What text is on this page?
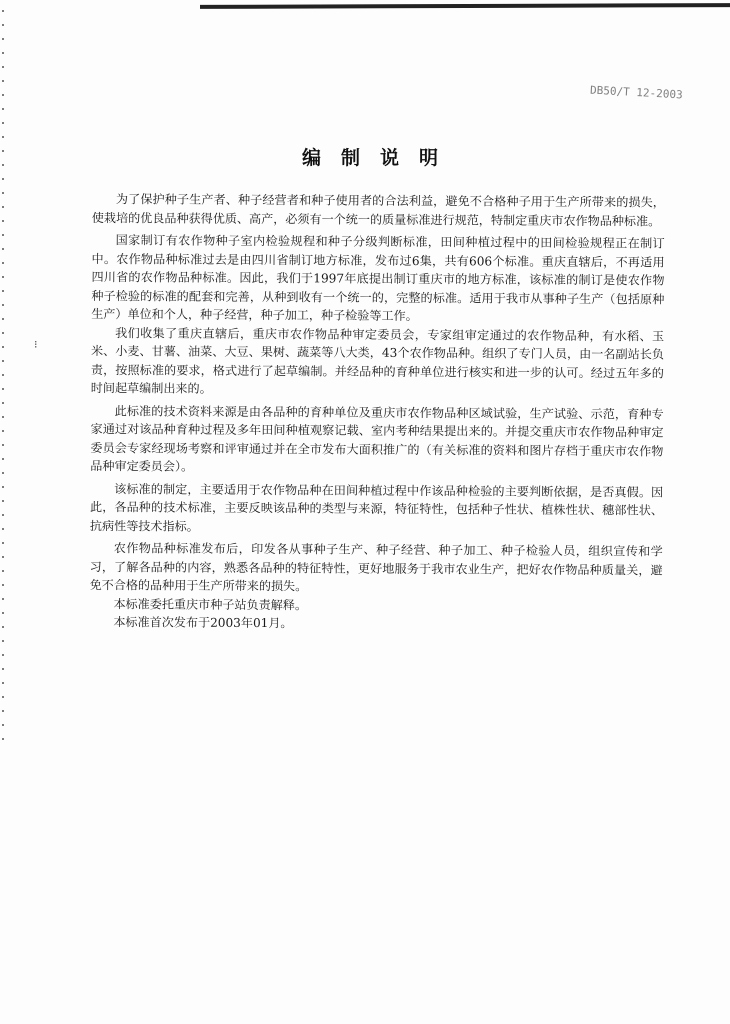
⁝
DB50/T 12-2003
编制说明

为了保护种子生产者、种子经营者和种子使用者的合法利益，避免不合格种子用于生产所带来的损失，使栽培的优良品种获得优质、高产，必须有一个统一的质量标准进行规范，特制定重庆市农作物品种标准。

国家制订有农作物种子室内检验规程和种子分级判断标准，田间种植过程中的田间检验规程正在制订中。农作物品种标准过去是由四川省制订地方标准，发布过6集，共有606个标准。重庆直辖后，不再适用四川省的农作物品种标准。因此，我们于1997年底提出制订重庆市的地方标准，该标准的制订是使农作物种子检验的标准的配套和完善，从种到收有一个统一的，完整的标准。适用于我市从事种子生产（包括原种生产）单位和个人，种子经营，种子加工，种子检验等工作。

我们收集了重庆直辖后，重庆市农作物品种审定委员会，专家组审定通过的农作物品种，有水稻、玉米、小麦、甘薯、油菜、大豆、果树、蔬菜等八大类，43个农作物品种。组织了专门人员，由一名副站长负责，按照标准的要求，格式进行了起草编制。并经品种的育种单位进行核实和进一步的认可。经过五年多的时间起草编制出来的。

此标准的技术资料来源是由各品种的育种单位及重庆市农作物品种区域试验，生产试验、示范，育种专家通过对该品种育种过程及多年田间种植观察记载、室内考种结果提出来的。并提交重庆市农作物品种审定委员会专家经现场考察和评审通过并在全市发布大面积推广的（有关标准的资料和图片存档于重庆市农作物品种审定委员会）。

该标准的制定，主要适用于农作物品种在田间种植过程中作该品种检验的主要判断依据，是否真假。因此，各品种的技术标准，主要反映该品种的类型与来源，特征特性，包括种子性状、植株性状、穗部性状、抗病性等技术指标。

农作物品种标准发布后，印发各从事种子生产、种子经营、种子加工、种子检验人员，组织宣传和学习，了解各品种的内容，熟悉各品种的特征特性，更好地服务于我市农业生产，把好农作物品种质量关，避免不合格的品种用于生产所带来的损失。

本标准委托重庆市种子站负责解释。

本标准首次发布于2003年01月。
